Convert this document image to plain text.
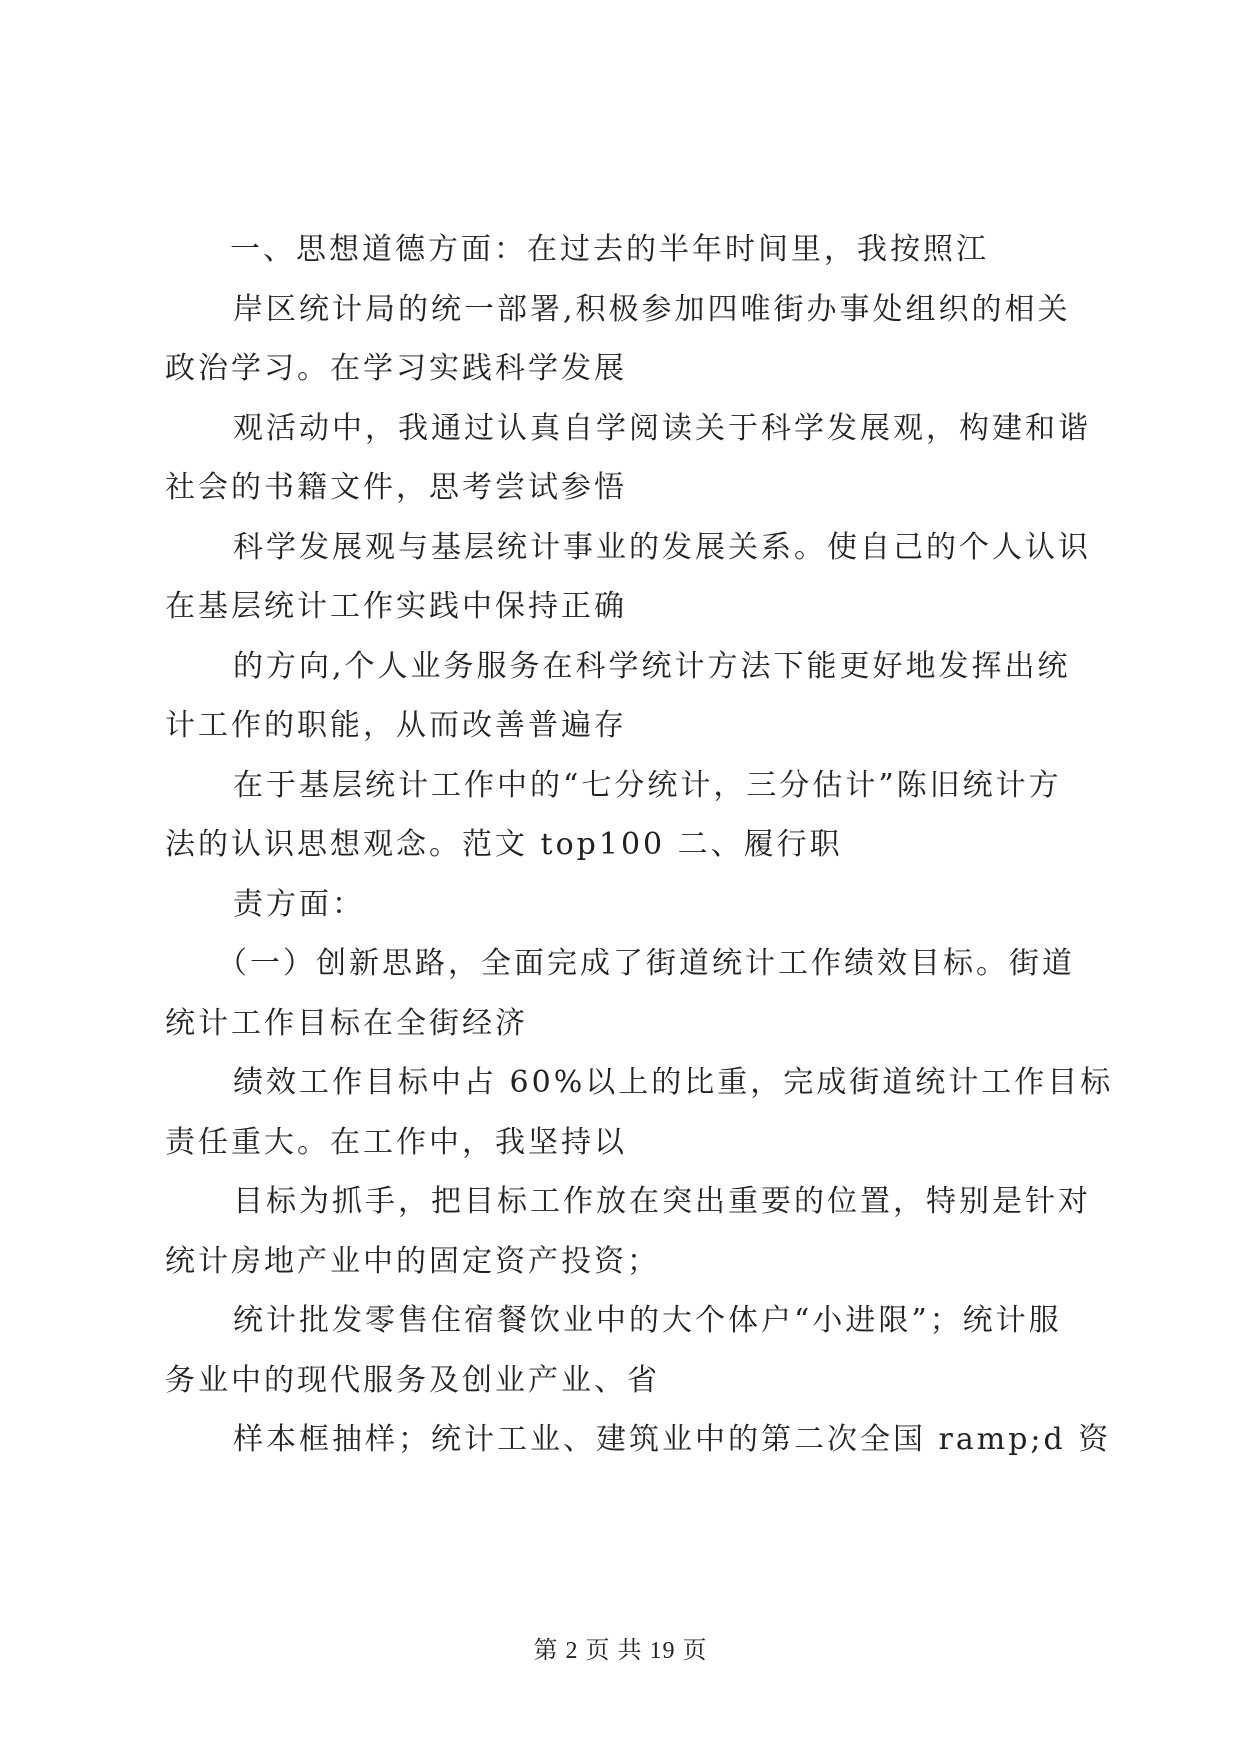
一、思想道德方面：在过去的半年时间里，我按照江
岸区统计局的统一部署,积极参加四唯街办事处组织的相关
政治学习。在学习实践科学发展
观活动中，我通过认真自学阅读关于科学发展观，构建和谐
社会的书籍文件，思考尝试参悟
科学发展观与基层统计事业的发展关系。使自己的个人认识
在基层统计工作实践中保持正确
的方向,个人业务服务在科学统计方法下能更好地发挥出统
计工作的职能，从而改善普遍存
在于基层统计工作中的“七分统计，三分估计”陈旧统计方
法的认识思想观念。范文 top100 二、履行职
责方面：
（一）创新思路，全面完成了街道统计工作绩效目标。街道
统计工作目标在全街经济
绩效工作目标中占 60%以上的比重，完成街道统计工作目标
责任重大。在工作中，我坚持以
目标为抓手，把目标工作放在突出重要的位置，特别是针对
统计房地产业中的固定资产投资；
统计批发零售住宿餐饮业中的大个体户“小进限”；统计服
务业中的现代服务及创业产业、省
样本框抽样；统计工业、建筑业中的第二次全国 ramp;d 资
第 2 页 共 19 页
